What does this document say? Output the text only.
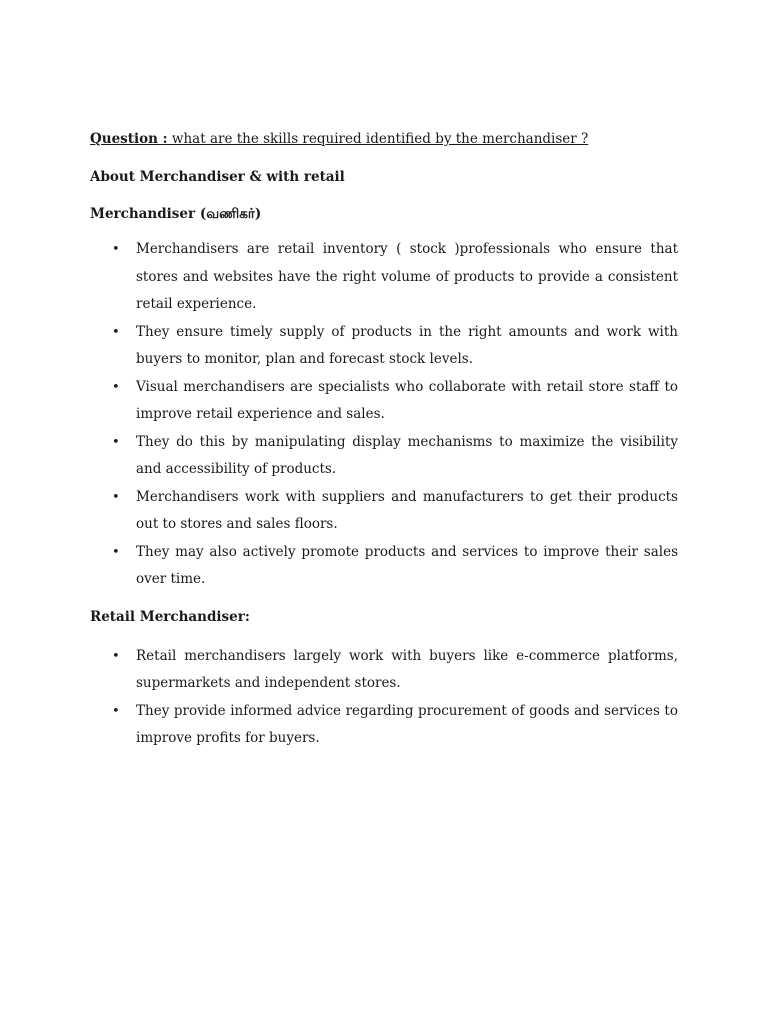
Question : what are the skills required identified by the merchandiser ?

About Merchandiser & with retail

Merchandiser (வணிகர்)

• Merchandisers are retail inventory ( stock )professionals who ensure that stores and websites have the right volume of products to provide a consistent retail experience.
• They ensure timely supply of products in the right amounts and work with buyers to monitor, plan and forecast stock levels.
• Visual merchandisers are specialists who collaborate with retail store staff to improve retail experience and sales.
• They do this by manipulating display mechanisms to maximize the visibility and accessibility of products.
• Merchandisers work with suppliers and manufacturers to get their products out to stores and sales floors.
• They may also actively promote products and services to improve their sales over time.

Retail Merchandiser:

• Retail merchandisers largely work with buyers like e-commerce platforms, supermarkets and independent stores.
• They provide informed advice regarding procurement of goods and services to improve profits for buyers.
